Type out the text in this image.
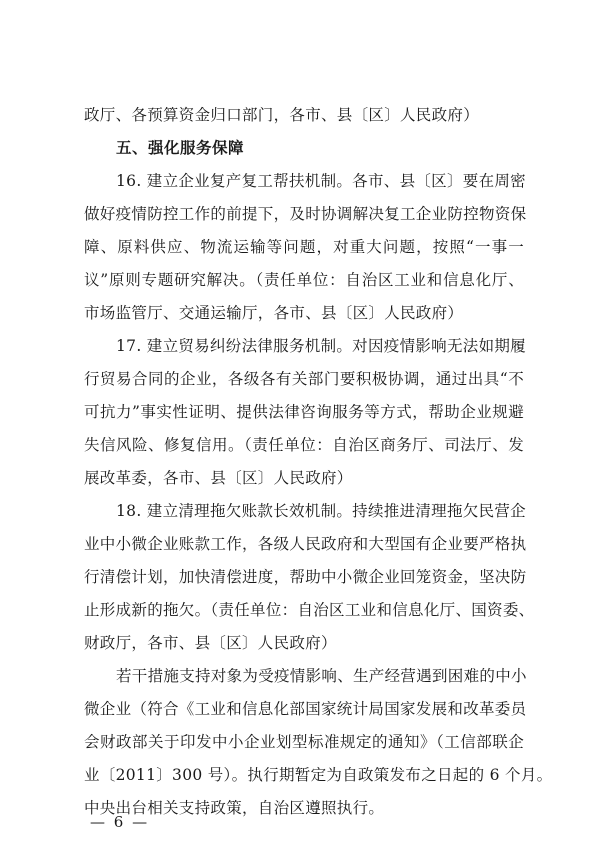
政厅、各预算资金归口部门，各市、县〔区〕人民政府）
五、强化服务保障
16. 建立企业复产复工帮扶机制。各市、县〔区〕要在周密
做好疫情防控工作的前提下，及时协调解决复工企业防控物资保
障、原料供应、物流运输等问题，对重大问题，按照“一事一
议”原则专题研究解决。（责任单位：自治区工业和信息化厅、
市场监管厅、交通运输厅，各市、县〔区〕人民政府）
17. 建立贸易纠纷法律服务机制。对因疫情影响无法如期履
行贸易合同的企业，各级各有关部门要积极协调，通过出具“不
可抗力”事实性证明、提供法律咨询服务等方式，帮助企业规避
失信风险、修复信用。（责任单位：自治区商务厅、司法厅、发
展改革委，各市、县〔区〕人民政府）
18. 建立清理拖欠账款长效机制。持续推进清理拖欠民营企
业中小微企业账款工作，各级人民政府和大型国有企业要严格执
行清偿计划，加快清偿进度，帮助中小微企业回笼资金，坚决防
止形成新的拖欠。（责任单位：自治区工业和信息化厅、国资委、
财政厅，各市、县〔区〕人民政府）
若干措施支持对象为受疫情影响、生产经营遇到困难的中小
微企业（符合《工业和信息化部国家统计局国家发展和改革委员
会财政部关于印发中小企业划型标准规定的通知》（工信部联企
业〔2011〕300 号）。执行期暂定为自政策发布之日起的 6 个月。
中央出台相关支持政策，自治区遵照执行。
— 6 —
